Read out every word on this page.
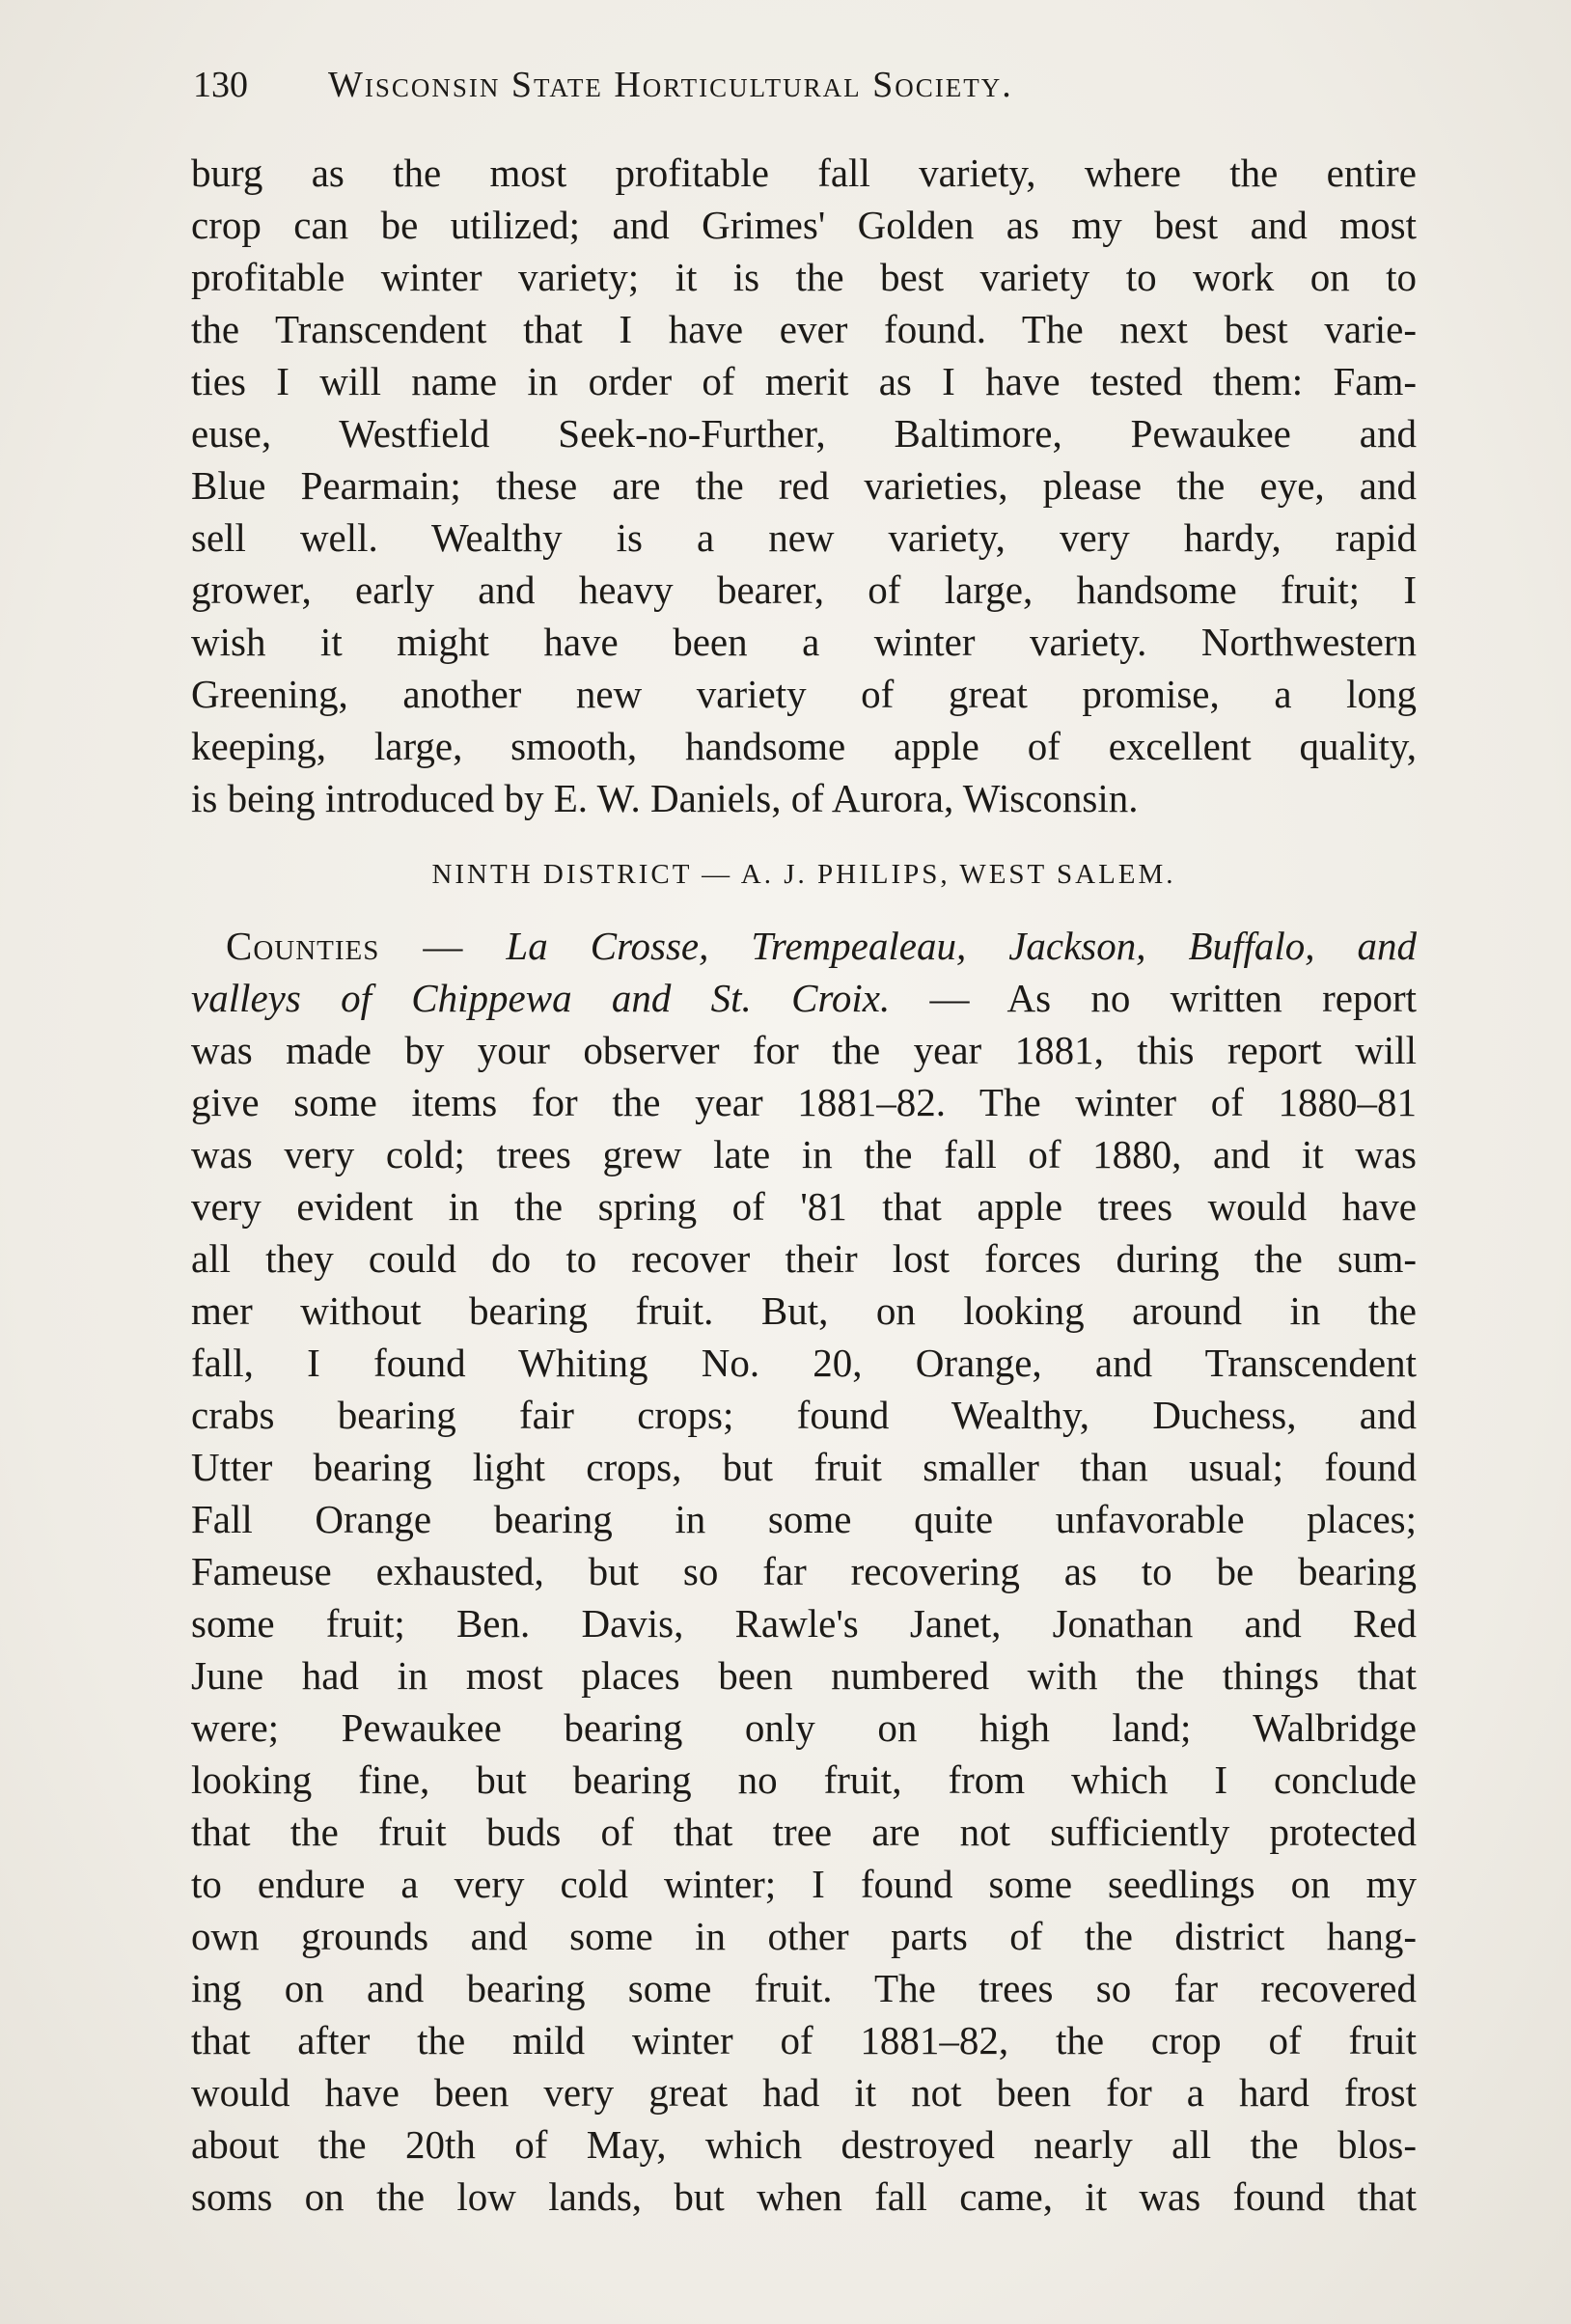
130	Wisconsin State Horticultural Society.
burg as the most profitable fall variety, where the entire
crop can be utilized; and Grimes' Golden as my best and most
profitable winter variety; it is the best variety to work on to
the Transcendent that I have ever found. The next best varie-
ties I will name in order of merit as I have tested them: Fam-
euse, Westfield Seek-no-Further, Baltimore, Pewaukee and
Blue Pearmain; these are the red varieties, please the eye, and
sell well. Wealthy is a new variety, very hardy, rapid
grower, early and heavy bearer, of large, handsome fruit; I
wish it might have been a winter variety. Northwestern
Greening, another new variety of great promise, a long
keeping, large, smooth, handsome apple of excellent quality,
is being introduced by E. W. Daniels, of Aurora, Wisconsin.
NINTH DISTRICT — A. J. PHILIPS, WEST SALEM.
Counties — La Crosse, Trempealeau, Jackson, Buffalo, and
valleys of Chippewa and St. Croix. — As no written report
was made by your observer for the year 1881, this report will
give some items for the year 1881–82. The winter of 1880–81
was very cold; trees grew late in the fall of 1880, and it was
very evident in the spring of '81 that apple trees would have
all they could do to recover their lost forces during the sum-
mer without bearing fruit. But, on looking around in the
fall, I found Whiting No. 20, Orange, and Transcendent
crabs bearing fair crops; found Wealthy, Duchess, and
Utter bearing light crops, but fruit smaller than usual; found
Fall Orange bearing in some quite unfavorable places;
Fameuse exhausted, but so far recovering as to be bearing
some fruit; Ben. Davis, Rawle's Janet, Jonathan and Red
June had in most places been numbered with the things that
were; Pewaukee bearing only on high land; Walbridge
looking fine, but bearing no fruit, from which I conclude
that the fruit buds of that tree are not sufficiently protected
to endure a very cold winter; I found some seedlings on my
own grounds and some in other parts of the district hang-
ing on and bearing some fruit. The trees so far recovered
that after the mild winter of 1881–82, the crop of fruit
would have been very great had it not been for a hard frost
about the 20th of May, which destroyed nearly all the blos-
soms on the low lands, but when fall came, it was found that
